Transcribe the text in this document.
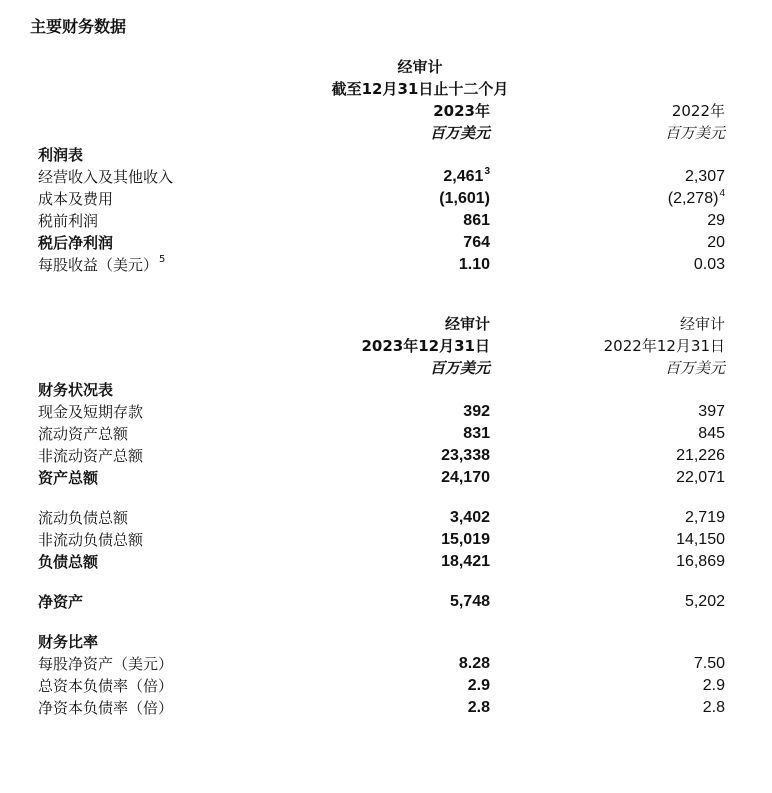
主要财务数据
经审计
截至12月31日止十二个月
2023年	2022年
百万美元	百万美元
利润表
经营收入及其他收入	2,461$^3$	2,307
成本及费用	(1,601)	$(2,278)^4$
税前利润	861	29
税后净利润	764	20
每股收益（美元）$^5$	1.10	0.03
经审计	经审计
2023年12月31日	2022年12月31日
百万美元	百万美元
财务状况表
现金及短期存款	392	397
流动资产总额	831	845
非流动资产总额	23,338	21,226
资产总额	24,170	22,071
流动负债总额	3,402	2,719
非流动负债总额	15,019	14,150
负债总额	18,421	16,869
净资产	5,748	5,202
财务比率
每股净资产（美元）	8.28	7.50
总资本负债率（倍）	2.9	2.9
净资本负债率（倍）	2.8	2.8
